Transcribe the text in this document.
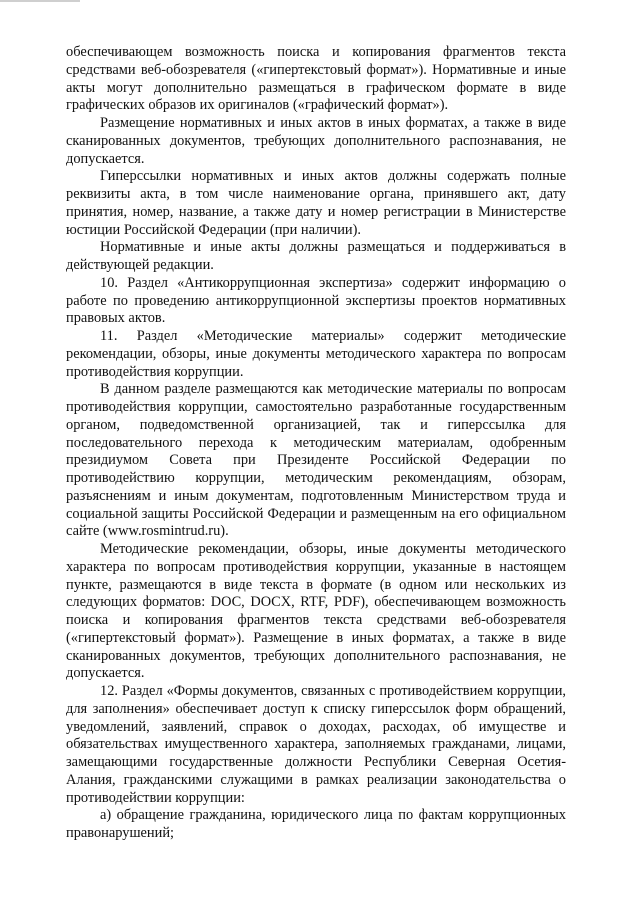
обеспечивающем возможность поиска и копирования фрагментов текста средствами веб-обозревателя («гипертекстовый формат»). Нормативные и иные акты могут дополнительно размещаться в графическом формате в виде графических образов их оригиналов («графический формат»).

Размещение нормативных и иных актов в иных форматах, а также в виде сканированных документов, требующих дополнительного распознавания, не допускается.

Гиперссылки нормативных и иных актов должны содержать полные реквизиты акта, в том числе наименование органа, принявшего акт, дату принятия, номер, название, а также дату и номер регистрации в Министерстве юстиции Российской Федерации (при наличии).

Нормативные и иные акты должны размещаться и поддерживаться в действующей редакции.

10. Раздел «Антикоррупционная экспертиза» содержит информацию о работе по проведению антикоррупционной экспертизы проектов нормативных правовых актов.

11. Раздел «Методические материалы» содержит методические рекомендации, обзоры, иные документы методического характера по вопросам противодействия коррупции.

В данном разделе размещаются как методические материалы по вопросам противодействия коррупции, самостоятельно разработанные государственным органом, подведомственной организацией, так и гиперссылка для последовательного перехода к методическим материалам, одобренным президиумом Совета при Президенте Российской Федерации по противодействию коррупции, методическим рекомендациям, обзорам, разъяснениям и иным документам, подготовленным Министерством труда и социальной защиты Российской Федерации и размещенным на его официальном сайте (www.rosmintrud.ru).

Методические рекомендации, обзоры, иные документы методического характера по вопросам противодействия коррупции, указанные в настоящем пункте, размещаются в виде текста в формате (в одном или нескольких из следующих форматов: DOC, DOCX, RTF, PDF), обеспечивающем возможность поиска и копирования фрагментов текста средствами веб-обозревателя («гипертекстовый формат»). Размещение в иных форматах, а также в виде сканированных документов, требующих дополнительного распознавания, не допускается.

12. Раздел «Формы документов, связанных с противодействием коррупции, для заполнения» обеспечивает доступ к списку гиперссылок форм обращений, уведомлений, заявлений, справок о доходах, расходах, об имуществе и обязательствах имущественного характера, заполняемых гражданами, лицами, замещающими государственные должности Республики Северная Осетия-Алания, гражданскими служащими в рамках реализации законодательства о противодействии коррупции:

а) обращение гражданина, юридического лица по фактам коррупционных правонарушений;
